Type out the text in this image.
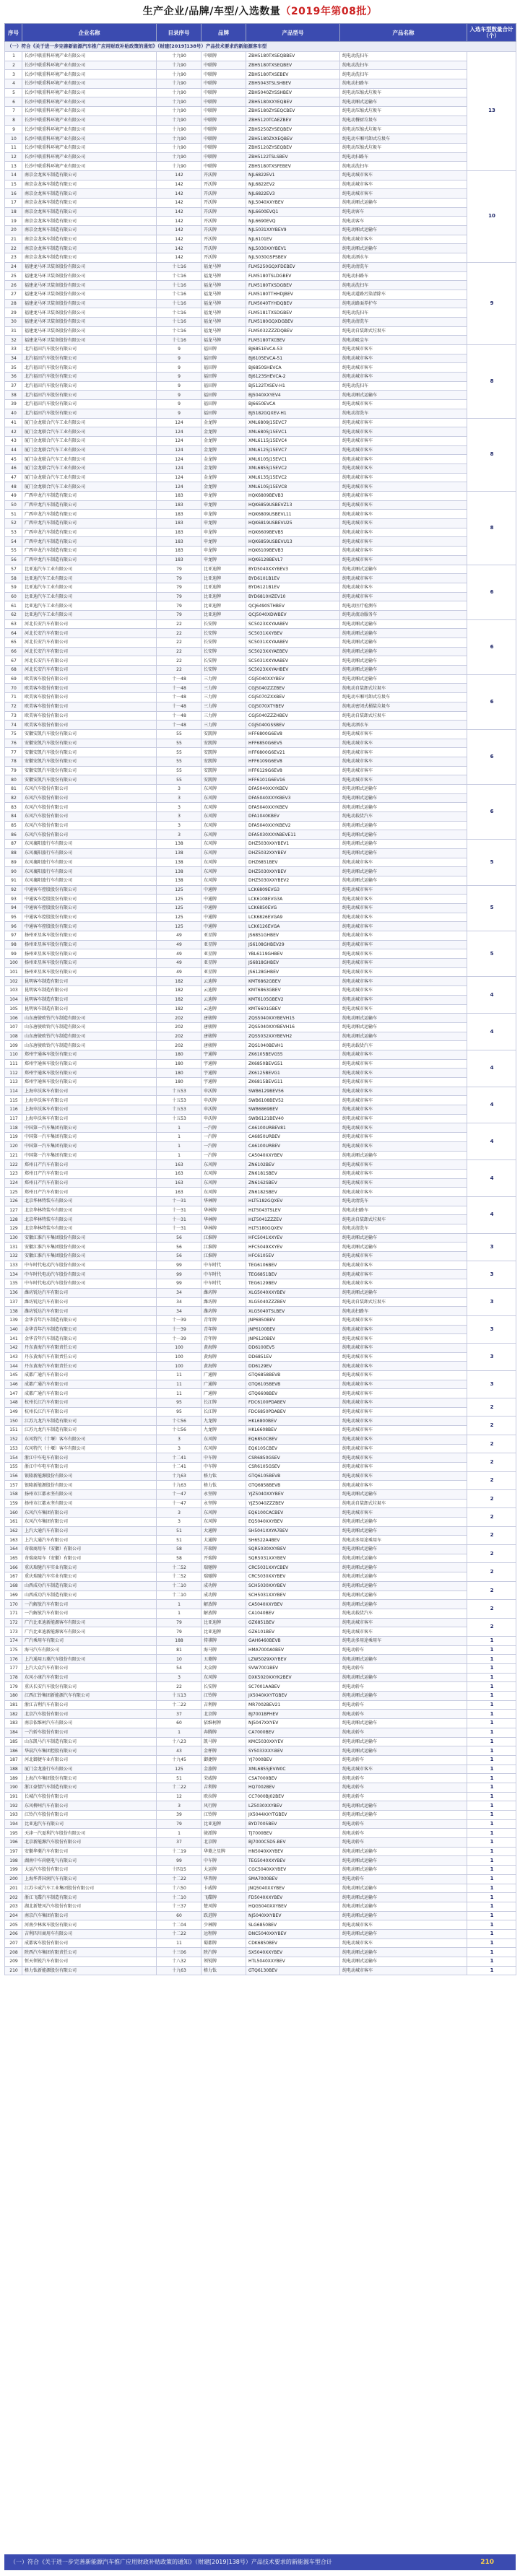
生产企业/品牌/车型/入选数量（2019年第08批）
序号	企业名称	目录序号	品牌	产品型号	产品名称	入选车型数量合计（个）
（一）符合《关于进一步完善新能源汽车推广应用财政补贴政策的通知》（财建[2019]138号）产品技术要求的新能源客车型						
1	长沙中联重科环境产业有限公司	十九90	中联牌	ZBH5180TXSEQBBEV	纯电动洗扫车	13
2	长沙中联重科环境产业有限公司	十九90	中联牌	ZBH5180TXSEQBEV	纯电动洗扫车	
3	长沙中联重科环境产业有限公司	十九90	中联牌	ZBH5180TXSEBEV	纯电动洗扫车	
4	长沙中联重科环境产业有限公司	十九90	中联牌	ZBH5043TSLSHBEV	纯电动扫路车	
5	长沙中联重科环境产业有限公司	十九90	中联牌	ZBH5040ZYSSHBEV	纯电动压缩式垃圾车	
6	长沙中联重科环境产业有限公司	十九90	中联牌	ZBH5180XXYEQBEV	纯电动厢式运输车	
7	长沙中联重科环境产业有限公司	十九90	中联牌	ZBH5180ZYSEQCBEV	纯电动压缩式垃圾车	
8	长沙中联重科环境产业有限公司	十九90	中联牌	ZBH5120TCAEZBEV	纯电动餐厨垃圾车	
9	长沙中联重科环境产业有限公司	十九90	中联牌	ZBH5250ZYSEQBEV	纯电动压缩式垃圾车	
10	长沙中联重科环境产业有限公司	十九90	中联牌	ZBH5180ZXXEQBEV	纯电动车厢可卸式垃圾车	
11	长沙中联重科环境产业有限公司	十九90	中联牌	ZBH5120ZYSEQBEV	纯电动压缩式垃圾车	
12	长沙中联重科环境产业有限公司	十九90	中联牌	ZBH5122TSLSBEV	纯电动扫路车	
13	长沙中联重科环境产业有限公司	十九90	中联牌	ZBH5180TXSFEBEV	纯电动洗扫车	
14	南京金龙客车制造有限公司	142	开沃牌	NJL6822EV1	纯电动城市客车	10
15	南京金龙客车制造有限公司	142	开沃牌	NJL6822EV2	纯电动城市客车	
16	南京金龙客车制造有限公司	142	开沃牌	NJL6822EV3	纯电动城市客车	
17	南京金龙客车制造有限公司	142	开沃牌	NJL5040XXYBEV	纯电动厢式运输车	
18	南京金龙客车制造有限公司	142	开沃牌	NJL6600EVQ1	纯电动客车	
19	南京金龙客车制造有限公司	142	开沃牌	NJL6690EVQ	纯电动客车	
20	南京金龙客车制造有限公司	142	开沃牌	NJL5031XXYBEV9	纯电动厢式运输车	
21	南京金龙客车制造有限公司	142	开沃牌	NJL6101EV	纯电动城市客车	
22	南京金龙客车制造有限公司	142	开沃牌	NJL5030XXYBEV1	纯电动厢式运输车	
23	南京金龙客车制造有限公司	142	开沃牌	NJL5030GSPSBEV	纯电动洒水车	
24	福建龙马环卫装备股份有限公司	十七16	福龙马牌	FLM5250GQXFDEBEV	纯电动清洗车	9
25	福建龙马环卫装备股份有限公司	十七16	福龙马牌	FLM5180TSLDGBEV	纯电动扫路车	
26	福建龙马环卫装备股份有限公司	十七16	福龙马牌	FLM5180TXSDGBEV	纯电动洗扫车	
27	福建龙马环卫装备股份有限公司	十七16	福龙马牌	FLM5180TTHHDJBEV	纯电动道路污染清除车	
28	福建龙马环卫装备股份有限公司	十七16	福龙马牌	FLM5040TYHDQBEV	纯电动路面养护车	
29	福建龙马环卫装备股份有限公司	十七16	福龙马牌	FLM5181TXSDGBEV	纯电动洗扫车	
30	福建龙马环卫装备股份有限公司	十七16	福龙马牌	FLM5180GQXDGBEV	纯电动清洗车	
31	福建龙马环卫装备股份有限公司	十七16	福龙马牌	FLM5032ZZZDQBEV	纯电动自装卸式垃圾车	
32	福建龙马环卫装备股份有限公司	十七16	福龙马牌	FLM5180TXCBEV	纯电动吸尘车	
33	北汽福田汽车股份有限公司	9	福田牌	BJ6851EVCA-53	纯电动城市客车	8
34	北汽福田汽车股份有限公司	9	福田牌	BJ6105EVCA-51	纯电动城市客车	
35	北汽福田汽车股份有限公司	9	福田牌	BJ6850SHEVCA	纯电动城市客车	
36	北汽福田汽车股份有限公司	9	福田牌	BJ6123SHEVCA-2	纯电动城市客车	
37	北汽福田汽车股份有限公司	9	福田牌	BJ5122TXSEV-H1	纯电动洗扫车	
38	北汽福田汽车股份有限公司	9	福田牌	BJ5040XXYEV4	纯电动厢式运输车	
39	北汽福田汽车股份有限公司	9	福田牌	BJ6650EVCA	纯电动城市客车	
40	北汽福田汽车股份有限公司	9	福田牌	BJ5182GQXEV-H1	纯电动清洗车	
41	厦门金龙联合汽车工业有限公司	124	金龙牌	XML6809J15EVC7	纯电动城市客车	8
42	厦门金龙联合汽车工业有限公司	124	金龙牌	XML6805J15EVC1	纯电动城市客车	
43	厦门金龙联合汽车工业有限公司	124	金龙牌	XML6115J15EVC4	纯电动城市客车	
44	厦门金龙联合汽车工业有限公司	124	金龙牌	XML6125J15EVC7	纯电动城市客车	
45	厦门金龙联合汽车工业有限公司	124	金龙牌	XML6105J15EVC1	纯电动城市客车	
46	厦门金龙联合汽车工业有限公司	124	金龙牌	XML6855J15EVC2	纯电动城市客车	
47	厦门金龙联合汽车工业有限公司	124	金龙牌	XML6135J15EVC2	纯电动城市客车	
48	厦门金龙联合汽车工业有限公司	124	金龙牌	XML6105J15EVC8	纯电动城市客车	
49	广西申龙汽车制造有限公司	183	申龙牌	HQK6809BEVB3	纯电动城市客车	8
50	广西申龙汽车制造有限公司	183	申龙牌	HQK6859USBEVZ13	纯电动城市客车	
51	广西申龙汽车制造有限公司	183	申龙牌	HQK6809USBEVL11	纯电动城市客车	
52	广西申龙汽车制造有限公司	183	申龙牌	HQK6819USBEVU25	纯电动城市客车	
53	广西申龙汽车制造有限公司	183	申龙牌	HQK6609BEVB5	纯电动城市客车	
54	广西申龙汽车制造有限公司	183	申龙牌	HQK6859USBEVU13	纯电动城市客车	
55	广西申龙汽车制造有限公司	183	申龙牌	HQK6109BEVB3	纯电动城市客车	
56	广西申龙汽车制造有限公司	183	申龙牌	HQK6128BEVL7	纯电动城市客车	
57	比亚迪汽车工业有限公司	79	比亚迪牌	BYD5040XXYBEV3	纯电动厢式运输车	6
58	比亚迪汽车工业有限公司	79	比亚迪牌	BYD6101B1EV	纯电动城市客车	
59	比亚迪汽车工业有限公司	79	比亚迪牌	BYD6121B1EV	纯电动城市客车	
60	比亚迪汽车工业有限公司	79	比亚迪牌	BYD6810HZEV10	纯电动城市客车	
61	比亚迪汽车工业有限公司	79	比亚迪牌	QCJ6490STHBEV	纯电动医疗检测车	
62	比亚迪汽车工业有限公司	79	比亚迪牌	QCJ5040XDWBEV	纯电动流动服务车	
63	河北长安汽车有限公司	22	长安牌	SC5023XXYAABEV	纯电动厢式运输车	6
64	河北长安汽车有限公司	22	长安牌	SC5031XXYBEV	纯电动厢式运输车	
65	河北长安汽车有限公司	22	长安牌	SC5031XXYAABEV	纯电动厢式运输车	
66	河北长安汽车有限公司	22	长安牌	SC5023XXYAEBEV	纯电动厢式运输车	
67	河北长安汽车有限公司	22	长安牌	SC5031XXYAABEV	纯电动厢式运输车	
68	河北长安汽车有限公司	22	长安牌	SC5023XXYAHBEV	纯电动厢式运输车	
69	欧美客车股份有限公司	十一48	三力牌	CGJ5040XXYBEV	纯电动厢式运输车	6
70	欧美客车股份有限公司	十一48	三力牌	CGJ5040ZZZBEV	纯电动自装卸式垃圾车	
71	欧美客车股份有限公司	十一48	三力牌	CGJ5070ZXXBEV	纯电动车厢可卸式垃圾车	
72	欧美客车股份有限公司	十一48	三力牌	CGJ5070XTYBEV	纯电动密闭式桶装垃圾车	
73	欧美客车股份有限公司	十一48	三力牌	CGJ5040ZZZHBEV	纯电动自装卸式垃圾车	
74	欧美客车股份有限公司	十一48	三力牌	CGJ5040GSSBEV	纯电动洒水车	
75	安徽安凯汽车股份有限公司	55	安凯牌	HFF6800G6EV8	纯电动城市客车	6
76	安徽安凯汽车股份有限公司	55	安凯牌	HFF6850G6EV5	纯电动城市客车	
77	安徽安凯汽车股份有限公司	55	安凯牌	HFF6800G6EV21	纯电动城市客车	
78	安徽安凯汽车股份有限公司	55	安凯牌	HFF6109G6EV8	纯电动城市客车	
79	安徽安凯汽车股份有限公司	55	安凯牌	HFF6129G6EV8	纯电动城市客车	
80	安徽安凯汽车股份有限公司	55	安凯牌	HFF6101G6EV16	纯电动城市客车	
81	东风汽车股份有限公司	3	东风牌	DFA5040XXYKBEV	纯电动厢式运输车	6
82	东风汽车股份有限公司	3	东风牌	DFA5040XXYKBEV3	纯电动厢式运输车	
83	东风汽车股份有限公司	3	东风牌	DFA5040XXYKBEV	纯电动厢式运输车	
84	东风汽车股份有限公司	3	东风牌	DFA1040KBEV	纯电动载货汽车	
85	东风汽车股份有限公司	3	东风牌	DFA5040XXYKBEV2	纯电动厢式运输车	
86	东风汽车股份有限公司	3	东风牌	DFA5030XXYABEVE11	纯电动厢式运输车	
87	东风襄阳旅行车有限公司	138	东风牌	DHZ5030XXYBEV1	纯电动厢式运输车	5
88	东风襄阳旅行车有限公司	138	东风牌	DHZ5032XXYBEV	纯电动厢式运输车	
89	东风襄阳旅行车有限公司	138	东风牌	DHZ6851BEV	纯电动城市客车	
90	东风襄阳旅行车有限公司	138	东风牌	DHZ5030XXYBEV	纯电动厢式运输车	
91	东风襄阳旅行车有限公司	138	东风牌	DHZ5030XXYBEV2	纯电动厢式运输车	
92	中通客车控股股份有限公司	125	中通牌	LCK6809EVG3	纯电动城市客车	5
93	中通客车控股股份有限公司	125	中通牌	LCK6108EVG3A	纯电动城市客车	
94	中通客车控股股份有限公司	125	中通牌	LCK6850EVG	纯电动城市客车	
95	中通客车控股股份有限公司	125	中通牌	LCK6826EVGA9	纯电动城市客车	
96	中通客车控股股份有限公司	125	中通牌	LCK6126EVGA	纯电动城市客车	
97	扬州亚星客车股份有限公司	49	亚星牌	JS6851GHBEV	纯电动城市客车	5
98	扬州亚星客车股份有限公司	49	亚星牌	JS6108GHBEV29	纯电动城市客车	
99	扬州亚星客车股份有限公司	49	亚星牌	YBL6119GHBEV	纯电动城市客车	
100	扬州亚星客车股份有限公司	49	亚星牌	JS6818GHBEV	纯电动城市客车	
101	扬州亚星客车股份有限公司	49	亚星牌	JS6128GHBEV	纯电动城市客车	
102	昆明客车制造有限公司	182	云迪牌	KMT6862GBEV	纯电动城市客车	4
103	昆明客车制造有限公司	182	云迪牌	KMT6863GBEV	纯电动城市客车	
104	昆明客车制造有限公司	182	云迪牌	KMT6105GBEV2	纯电动城市客车	
105	昆明客车制造有限公司	182	云迪牌	KMT6601GBEV	纯电动城市客车	
106	山东唐骏欧铃汽车制造有限公司	202	唐骏牌	ZQS5040XXYBEVH15	纯电动厢式运输车	4
107	山东唐骏欧铃汽车制造有限公司	202	唐骏牌	ZQS5040XXYBEVH16	纯电动厢式运输车	
108	山东唐骏欧铃汽车制造有限公司	202	唐骏牌	ZQS5032XXYBEVH2	纯电动厢式运输车	
109	山东唐骏欧铃汽车制造有限公司	202	唐骏牌	ZQS1040BEVH1	纯电动载货汽车	
110	郑州宇通客车股份有限公司	180	宇通牌	ZK6105BEVG55	纯电动城市客车	4
111	郑州宇通客车股份有限公司	180	宇通牌	ZK6850BEVG51	纯电动城市客车	
112	郑州宇通客车股份有限公司	180	宇通牌	ZK6125BEVG1	纯电动城市客车	
113	郑州宇通客车股份有限公司	180	宇通牌	ZK6815BEVG11	纯电动城市客车	
114	上海申沃客车有限公司	十五53	申沃牌	SWB6129BEV56	纯电动城市客车	4
115	上海申沃客车有限公司	十五53	申沃牌	SWB6108BEV52	纯电动城市客车	
116	上海申沃客车有限公司	十五53	申沃牌	SWB6869BEV	纯电动城市客车	
117	上海申沃客车有限公司	十五53	申沃牌	SWB6121BEV40	纯电动城市客车	
118	中国第一汽车集团有限公司	1	一汽牌	CA6100URBEV81	纯电动城市客车	4
119	中国第一汽车集团有限公司	1	一汽牌	CA6850URBEV	纯电动城市客车	
120	中国第一汽车集团有限公司	1	一汽牌	CA6100URBEV	纯电动城市客车	
121	中国第一汽车集团有限公司	1	一汽牌	CA5040XXYBEV	纯电动厢式运输车	
122	郑州日产汽车有限公司	163	东风牌	ZN6102BEV	纯电动城市客车	4
123	郑州日产汽车有限公司	163	东风牌	ZN6181SBEV	纯电动城市客车	
124	郑州日产汽车有限公司	163	东风牌	ZN6162SBEV	纯电动城市客车	
125	郑州日产汽车有限公司	163	东风牌	ZN6182SBEV	纯电动城市客车	
126	北京华林特装车有限公司	十一31	华林牌	HLT5182GQXEV	纯电动清洗车	4
127	北京华林特装车有限公司	十一31	华林牌	HLT5043TSLEV	纯电动扫路车	
128	北京华林特装车有限公司	十一31	华林牌	HLT5041ZZZEV	纯电动自装卸式垃圾车	
129	北京华林特装车有限公司	十一31	华林牌	HLT5180GQXEV	纯电动清洗车	
130	安徽江淮汽车集团股份有限公司	56	江淮牌	HFC5041XXYEV	纯电动厢式运输车	3
131	安徽江淮汽车集团股份有限公司	56	江淮牌	HFC5049XXYEV	纯电动厢式运输车	
132	安徽江淮汽车集团股份有限公司	56	江淮牌	HFC6105EV	纯电动城市客车	
133	中车时代电动汽车股份有限公司	99	中车时代	TEG6106BEV	纯电动城市客车	3
134	中车时代电动汽车股份有限公司	99	中车时代	TEG6851BEV	纯电动城市客车	
135	中车时代电动汽车股份有限公司	99	中车时代	TEG6129BEV	纯电动城市客车	
136	潍坊锐达汽车有限公司	34	潍坊牌	XLG5040XXYBEV	纯电动厢式运输车	3
137	潍坊锐达汽车有限公司	34	潍坊牌	XLG5040ZZZBEV	纯电动自装卸式垃圾车	
138	潍坊锐达汽车有限公司	34	潍坊牌	XLG5040TSLBEV	纯电动扫路车	
139	金华青年汽车制造有限公司	十一39	青年牌	JNP6850BEV	纯电动城市客车	3
140	金华青年汽车制造有限公司	十一39	青年牌	JNP6100BEV	纯电动城市客车	
141	金华青年汽车制造有限公司	十一39	青年牌	JNP6120BEV	纯电动城市客车	
142	丹东黄海汽车有限责任公司	100	黄海牌	DD6100EV5	纯电动城市客车	3
143	丹东黄海汽车有限责任公司	100	黄海牌	DD6851EV	纯电动城市客车	
144	丹东黄海汽车有限责任公司	100	黄海牌	DD6129EV	纯电动城市客车	
145	成都广通汽车有限公司	11	广通牌	GTQ6858BEVB	纯电动城市客车	3
146	成都广通汽车有限公司	11	广通牌	GTQ6105BEVB	纯电动城市客车	
147	成都广通汽车有限公司	11	广通牌	GTQ6608BEV	纯电动城市客车	
148	杭州长江汽车有限公司	95	长江牌	FDC6100PDABEV	纯电动城市客车	2
149	杭州长江汽车有限公司	95	长江牌	FDC6850PDABEV	纯电动城市客车	
150	江苏九龙汽车制造有限公司	十七56	九龙牌	HKL6800BEV	纯电动城市客车	2
151	江苏九龙汽车制造有限公司	十七56	九龙牌	HKL6608BEV	纯电动城市客车	
152	东风特汽（十堰）客车有限公司	3	东风牌	EQ6850CBEV	纯电动城市客车	2
153	东风特汽（十堰）客车有限公司	3	东风牌	EQ6105CBEV	纯电动城市客车	
154	浙江中车电车有限公司	十二41	中车牌	CSR6850GSEV	纯电动城市客车	2
155	浙江中车电车有限公司	十二41	中车牌	CSR6105GSEV	纯电动城市客车	
156	银隆新能源股份有限公司	十九63	格力钛	GTQ6105BEVB	纯电动城市客车	2
157	银隆新能源股份有限公司	十九63	格力钛	GTQ6858BEVB	纯电动城市客车	
158	扬州市江都永坚有限公司	十一47	永坚牌	YJZ5040XXYBEV	纯电动厢式运输车	2
159	扬州市江都永坚有限公司	十一47	永坚牌	YJZ5040ZZZBEV	纯电动自装卸式垃圾车	
160	东风汽车集团有限公司	3	东风牌	EQ6100CACBEV	纯电动城市客车	2
161	东风汽车集团有限公司	3	东风牌	EQ5040XXYBEV	纯电动厢式运输车	
162	上汽大通汽车有限公司	51	大通牌	SH5041XXYA7BEV	纯电动厢式运输车	2
163	上汽大通汽车有限公司	51	大通牌	SH6522A4BEV	纯电动多用途乘用车	
164	奇瑞商用车（安徽）有限公司	58	开瑞牌	SQR5030XXYBEV	纯电动厢式运输车	2
165	奇瑞商用车（安徽）有限公司	58	开瑞牌	SQR5031XXYBEV	纯电动厢式运输车	
166	重庆瑞驰汽车实业有限公司	十二52	瑞驰牌	CRC5031XXYCBEV	纯电动厢式运输车	2
167	重庆瑞驰汽车实业有限公司	十二52	瑞驰牌	CRC5030XXYBEV	纯电动厢式运输车	
168	山西成功汽车制造有限公司	十二10	成功牌	SCH5030XXYBEV	纯电动厢式运输车	2
169	山西成功汽车制造有限公司	十二10	成功牌	SCH5031XXYBEV	纯电动厢式运输车	
170	一汽解放汽车有限公司	1	解放牌	CA5040XXYBEV	纯电动厢式运输车	2
171	一汽解放汽车有限公司	1	解放牌	CA1040BEV	纯电动载货汽车	
172	广汽比亚迪新能源客车有限公司	79	比亚迪牌	GZ6851BEV	纯电动城市客车	2
173	广汽比亚迪新能源客车有限公司	79	比亚迪牌	GZ6101BEV	纯电动城市客车	
174	广汽乘用车有限公司	188	传祺牌	GAH6460BEVB	纯电动多用途乘用车	1
175	海马汽车有限公司	81	海马牌	HMA7000A0BEV	纯电动轿车	1
176	上汽通用五菱汽车股份有限公司	10	五菱牌	LZW5029XXYBEV	纯电动厢式运输车	1
177	上汽大众汽车有限公司	54	大众牌	SVW7001BEV	纯电动轿车	1
178	东风小康汽车有限公司	3	东风牌	DXK5020XXYK2BEV	纯电动厢式运输车	1
179	重庆长安汽车股份有限公司	22	长安牌	SC7001AABEV	纯电动轿车	1
180	江西江铃集团新能源汽车有限公司	十五13	江铃牌	JX5040XXYTGBEV	纯电动厢式运输车	1
181	浙江吉利汽车有限公司	十二22	吉利牌	MR7002BEV21	纯电动轿车	1
182	北京汽车股份有限公司	37	北京牌	BJ7001BPHEV	纯电动轿车	1
183	南京依维柯汽车有限公司	60	依维柯牌	NJ5047XXYEV	纯电动厢式运输车	1
184	一汽轿车股份有限公司	1	奔腾牌	CA7000BEV	纯电动轿车	1
185	山东凯马汽车制造有限公司	十八23	凯马牌	KMC5030XXYEV	纯电动厢式运输车	1
186	华晨汽车集团控股有限公司	43	金杯牌	SY5033XXY-BEV	纯电动厢式运输车	1
187	河北御捷车业有限公司	十九45	御捷牌	YJ7000BEV	纯电动轿车	1
188	厦门金龙旅行车有限公司	125	金旅牌	XML6855JEVW0C	纯电动城市客车	1
189	上海汽车集团股份有限公司	51	荣威牌	CSA7000BEV	纯电动轿车	1
190	浙江豪情汽车制造有限公司	十二22	吉利牌	HQ7002BEV	纯电动轿车	1
191	长城汽车股份有限公司	12	欧拉牌	CC7000BJ02BEV	纯电动轿车	1
192	东风柳州汽车有限公司	3	风行牌	LZ5030XXYBEV	纯电动厢式运输车	1
193	江铃汽车股份有限公司	39	江铃牌	JX5044XXYTGBEV	纯电动厢式运输车	1
194	比亚迪汽车有限公司	79	比亚迪牌	BYD7005BEV	纯电动轿车	1
195	天津一汽夏利汽车股份有限公司	1	骏派牌	TJ7000BEV	纯电动轿车	1
196	北京新能源汽车股份有限公司	37	北京牌	BJ7000C5D5-BEV	纯电动轿车	1
197	安徽华菱汽车有限公司	十二19	华菱之星牌	HN5040XXYBEV	纯电动厢式运输车	1
198	湖南中车尚驱电气有限公司	99	中车牌	TEG5040XXYBEV	纯电动厢式运输车	1
199	大运汽车股份有限公司	十四15	大运牌	CGC5040XXYBEV	纯电动厢式运输车	1
200	上海华普国润汽车有限公司	十二22	华普牌	SMA7000BEV	纯电动轿车	1
201	江苏卡威汽车工业集团股份有限公司	十六50	卡威牌	JNQ5040XXYBEV	纯电动厢式运输车	1
202	浙江飞碟汽车制造有限公司	十二10	飞碟牌	FD5040XXYBEV	纯电动厢式运输车	1
203	湖北新楚风汽车股份有限公司	十三37	楚风牌	HQG5040XXYBEV	纯电动厢式运输车	1
204	南京汽车集团有限公司	60	跃进牌	NJ5040XXYBEV	纯电动厢式运输车	1
205	河南少林客车股份有限公司	十二04	少林牌	SLG6850BEV	纯电动城市客车	1
206	吉利四川商用车有限公司	十二22	远程牌	DNC5040XXYBEV	纯电动厢式运输车	1
207	成都客车股份有限公司	11	蜀都牌	CDK6850BEV	纯电动城市客车	1
208	陕西汽车集团有限责任公司	十三06	陕汽牌	SX5040XXYBEV	纯电动厢式运输车	1
209	恒天领锐汽车有限公司	十八32	领锐牌	HTL5040XXYBEV	纯电动厢式运输车	1
210	格力钛新能源股份有限公司	十九63	格力钛	GTQ6130BEV	纯电动城市客车	1
（一）符合《关于进一步完善新能源汽车推广应用财政补贴政策的通知》（财建[2019]138号）产品技术要求的新能源车型合计	210
